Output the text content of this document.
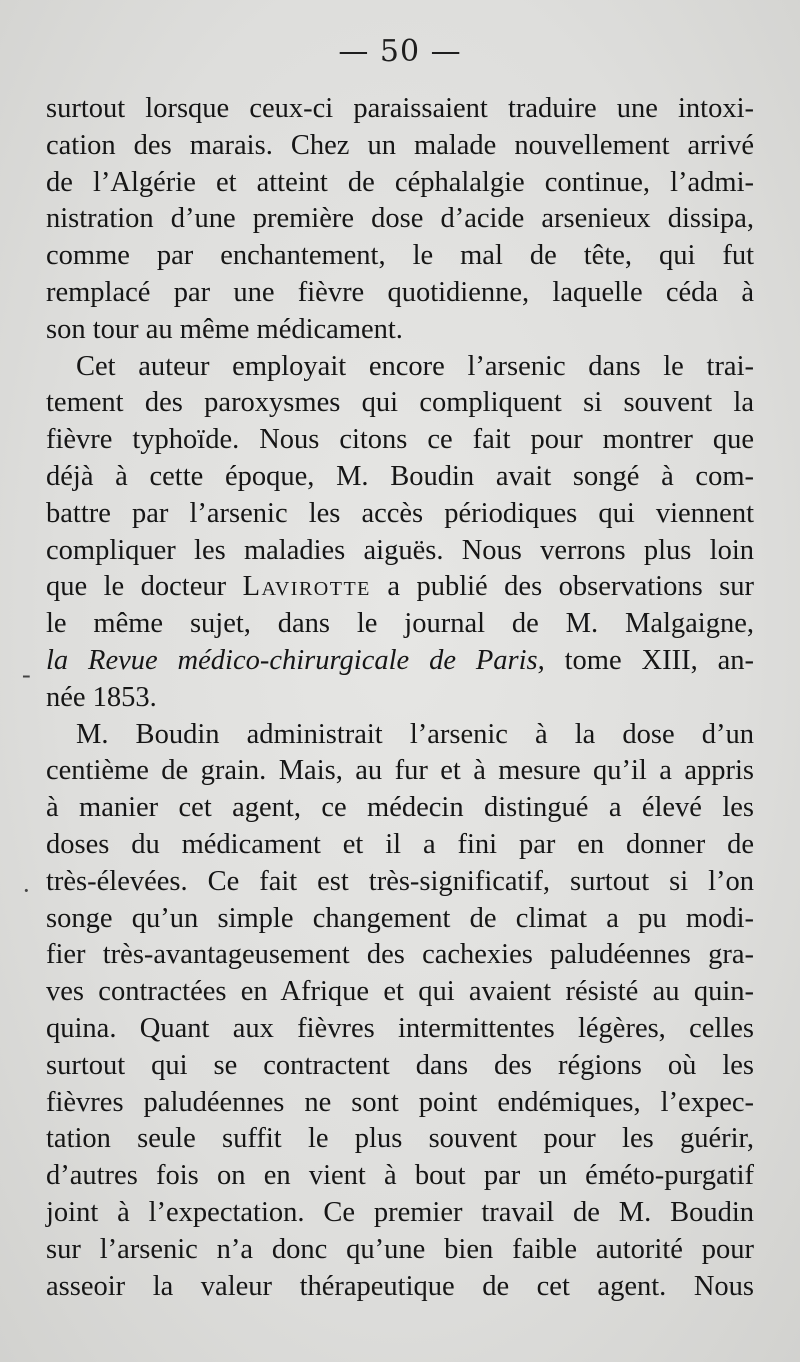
— 50 —
-
·
surtout lorsque ceux-ci paraissaient traduire une intoxi-
cation des marais. Chez un malade nouvellement arrivé
de l’Algérie et atteint de céphalalgie continue, l’admi-
nistration d’une première dose d’acide arsenieux dissipa,
comme par enchantement, le mal de tête, qui fut
remplacé par une fièvre quotidienne, laquelle céda à
son tour au même médicament.
Cet auteur employait encore l’arsenic dans le trai-
tement des paroxysmes qui compliquent si souvent la
fièvre typhoïde. Nous citons ce fait pour montrer que
déjà à cette époque, M. Boudin avait songé à com-
battre par l’arsenic les accès périodiques qui viennent
compliquer les maladies aiguës. Nous verrons plus loin
que le docteur Lavirotte a publié des observations sur
le même sujet, dans le journal de M. Malgaigne,
la Revue médico-chirurgicale de Paris, tome XIII, an-
née 1853.
M. Boudin administrait l’arsenic à la dose d’un
centième de grain. Mais, au fur et à mesure qu’il a appris
à manier cet agent, ce médecin distingué a élevé les
doses du médicament et il a fini par en donner de
très-élevées. Ce fait est très-significatif, surtout si l’on
songe qu’un simple changement de climat a pu modi-
fier très-avantageusement des cachexies paludéennes gra-
ves contractées en Afrique et qui avaient résisté au quin-
quina. Quant aux fièvres intermittentes légères, celles
surtout qui se contractent dans des régions où les
fièvres paludéennes ne sont point endémiques, l’expec-
tation seule suffit le plus souvent pour les guérir,
d’autres fois on en vient à bout par un éméto-purgatif
joint à l’expectation. Ce premier travail de M. Boudin
sur l’arsenic n’a donc qu’une bien faible autorité pour
asseoir la valeur thérapeutique de cet agent. Nous
